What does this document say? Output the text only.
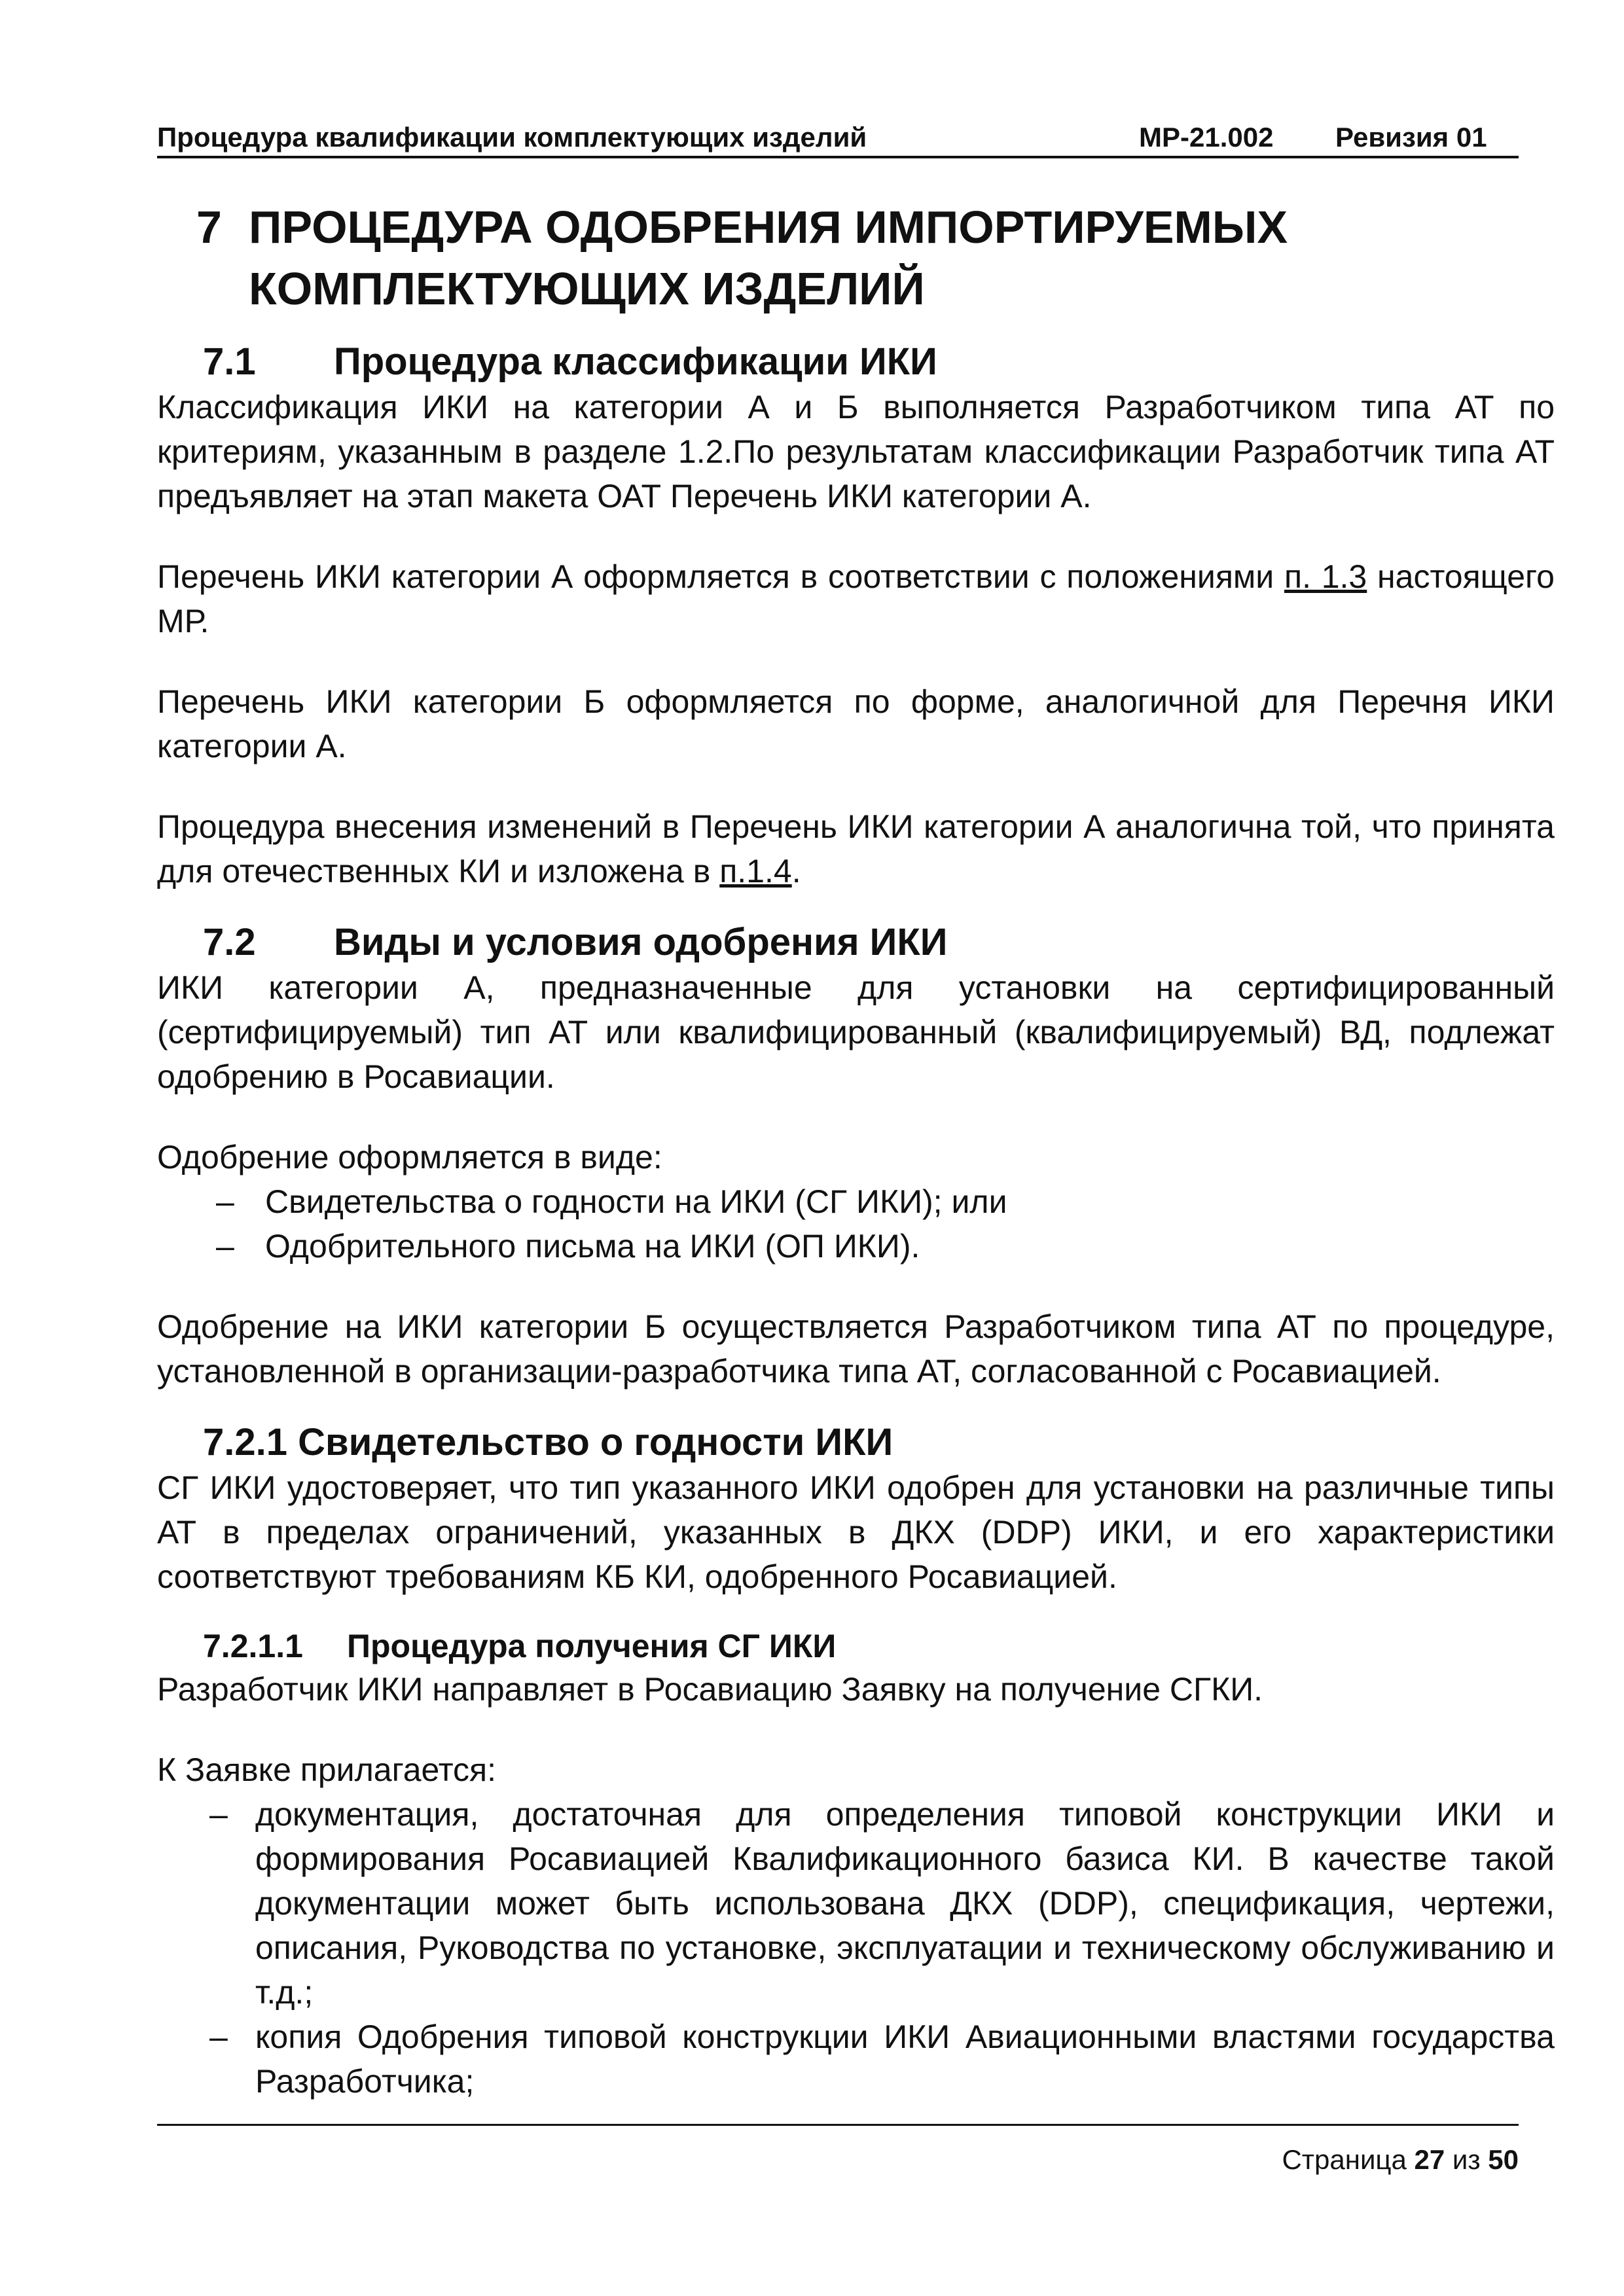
Процедура квалификации комплектующих изделий	МР-21.002 Ревизия 01
7 ПРОЦЕДУРА ОДОБРЕНИЯ ИМПОРТИРУЕМЫХ
КОМПЛЕКТУЮЩИХ ИЗДЕЛИЙ
7.1	Процедура классификации ИКИ

Классификация ИКИ на категории А и Б выполняется Разработчиком типа АТ по критериям, указанным в разделе 1.2.По результатам классификации Разработчик типа АТ предъявляет на этап макета ОАТ Перечень ИКИ категории А.

Перечень ИКИ категории А оформляется в соответствии с положениями п. 1.3 настоящего МР.

Перечень ИКИ категории Б оформляется по форме, аналогичной для Перечня ИКИ категории А.

Процедура внесения изменений в Перечень ИКИ категории А аналогична той, что принята для отечественных КИ и изложена в п.1.4.

7.2	Виды и условия одобрения ИКИ

ИКИ категории А, предназначенные для установки на сертифицированный (сертифицируемый) тип АТ или квалифицированный (квалифицируемый) ВД, подлежат одобрению в Росавиации.

Одобрение оформляется в виде:

– Свидетельства о годности на ИКИ (СГ ИКИ); или
– Одобрительного письма на ИКИ (ОП ИКИ).

Одобрение на ИКИ категории Б осуществляется Разработчиком типа АТ по процедуре, установленной в организации-разработчика типа АТ, согласованной с Росавиацией.

7.2.1 Свидетельство о годности ИКИ

СГ ИКИ удостоверяет, что тип указанного ИКИ одобрен для установки на различные типы АТ в пределах ограничений, указанных в ДКХ (DDP) ИКИ, и его характеристики соответствуют требованиям КБ КИ, одобренного Росавиацией.

7.2.1.1	Процедура получения СГ ИКИ

Разработчик ИКИ направляет в Росавиацию Заявку на получение СГКИ.

К Заявке прилагается:

– документация, достаточная для определения типовой конструкции ИКИ и формирования Росавиацией Квалификационного базиса КИ. В качестве такой документации может быть использована ДКХ (DDP), спецификация, чертежи, описания, Руководства по установке, эксплуатации и техническому обслуживанию и т.д.;
– копия Одобрения типовой конструкции ИКИ Авиационными властями государства Разработчика;
Страница 27 из 50
